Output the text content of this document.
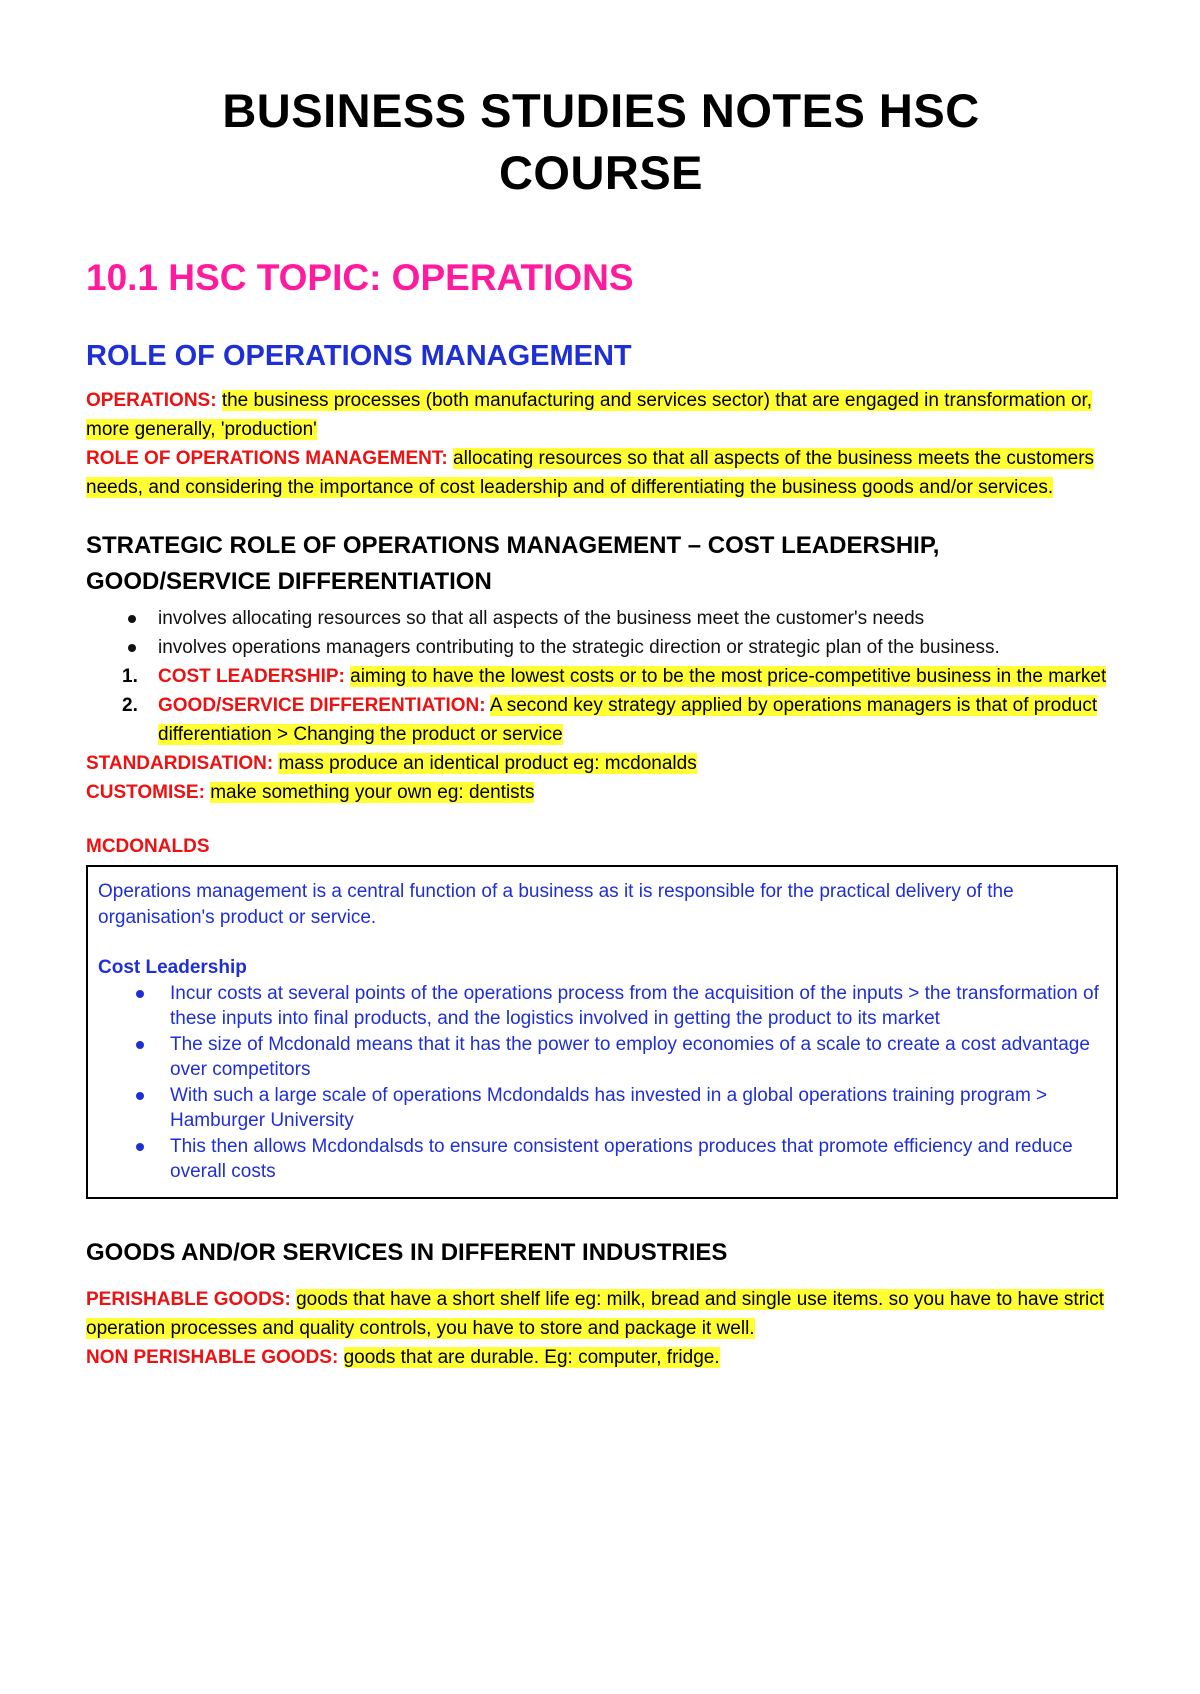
BUSINESS STUDIES NOTES HSC
COURSE
10.1 HSC TOPIC: OPERATIONS
ROLE OF OPERATIONS MANAGEMENT

OPERATIONS: the business processes (both manufacturing and services sector) that are engaged in transformation or, more generally, 'production'

ROLE OF OPERATIONS MANAGEMENT: allocating resources so that all aspects of the business meets the customers needs, and considering the importance of cost leadership and of differentiating the business goods and/or services.

STRATEGIC ROLE OF OPERATIONS MANAGEMENT – COST LEADERSHIP,
GOOD/SERVICE DIFFERENTIATION
involves allocating resources so that all aspects of the business meet the customer's needs
involves operations managers contributing to the strategic direction or strategic plan of the business.
1. COST LEADERSHIP: aiming to have the lowest costs or to be the most price-competitive business in the market
2. GOOD/SERVICE DIFFERENTIATION: A second key strategy applied by operations managers is that of product differentiation > Changing the product or service

STANDARDISATION: mass produce an identical product eg: mcdonalds

CUSTOMISE: make something your own eg: dentists

MCDONALDS

Operations management is a central function of a business as it is responsible for the practical delivery of the organisation's product or service.

Cost Leadership

Incur costs at several points of the operations process from the acquisition of the inputs > the transformation of these inputs into final products, and the logistics involved in getting the product to its market
The size of Mcdonald means that it has the power to employ economies of a scale to create a cost advantage over competitors
With such a large scale of operations Mcdondalds has invested in a global operations training program > Hamburger University
This then allows Mcdondalsds to ensure consistent operations produces that promote efficiency and reduce overall costs
GOODS AND/OR SERVICES IN DIFFERENT INDUSTRIES

PERISHABLE GOODS: goods that have a short shelf life eg: milk, bread and single use items. so you have to have strict operation processes and quality controls, you have to store and package it well.

NON PERISHABLE GOODS: goods that are durable. Eg: computer, fridge.
